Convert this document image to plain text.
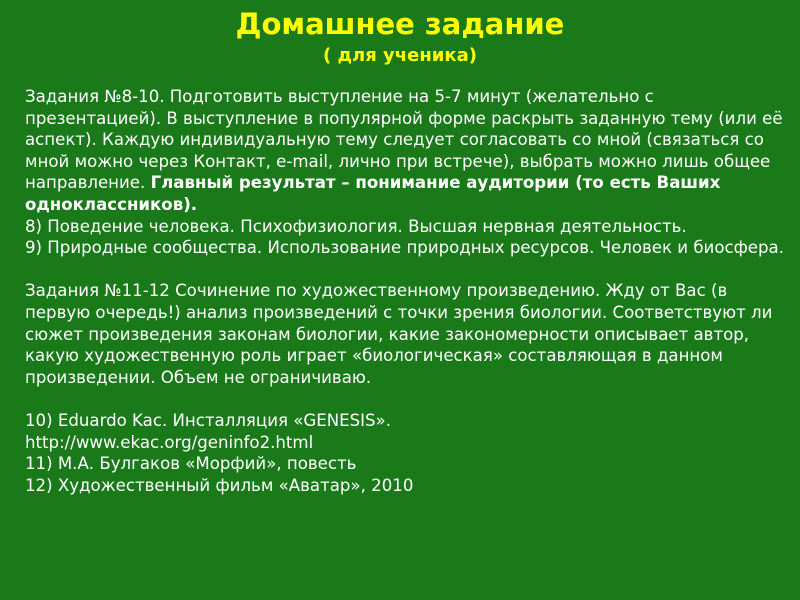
Домашнее задание
( для ученика)

Задания №8-10. Подготовить выступление на 5-7 минут (желательно с презентацией). В выступление в популярной форме раскрыть заданную тему (или её аспект). Каждую индивидуальную тему следует согласовать со мной (связаться со мной можно через Контакт, e-mail, лично при встрече), выбрать можно лишь общее направление. Главный результат – понимание аудитории (то есть Ваших одноклассников).

8) Поведение человека. Психофизиология. Высшая нервная деятельность.

9) Природные сообщества. Использование природных ресурсов. Человек и биосфера.

Задания №11-12 Сочинение по художественному произведению. Жду от Вас (в первую очередь!) анализ произведений с точки зрения биологии. Соответствуют ли сюжет произведения законам биологии, какие закономерности описывает автор, какую художественную роль играет «биологическая» составляющая в данном произведении. Объем не ограничиваю.

10) Eduardo Kac. Инсталляция «GENESIS».

http://www.ekac.org/geninfo2.html

11) М.А. Булгаков «Морфий», повесть

12) Художественный фильм «Аватар», 2010
